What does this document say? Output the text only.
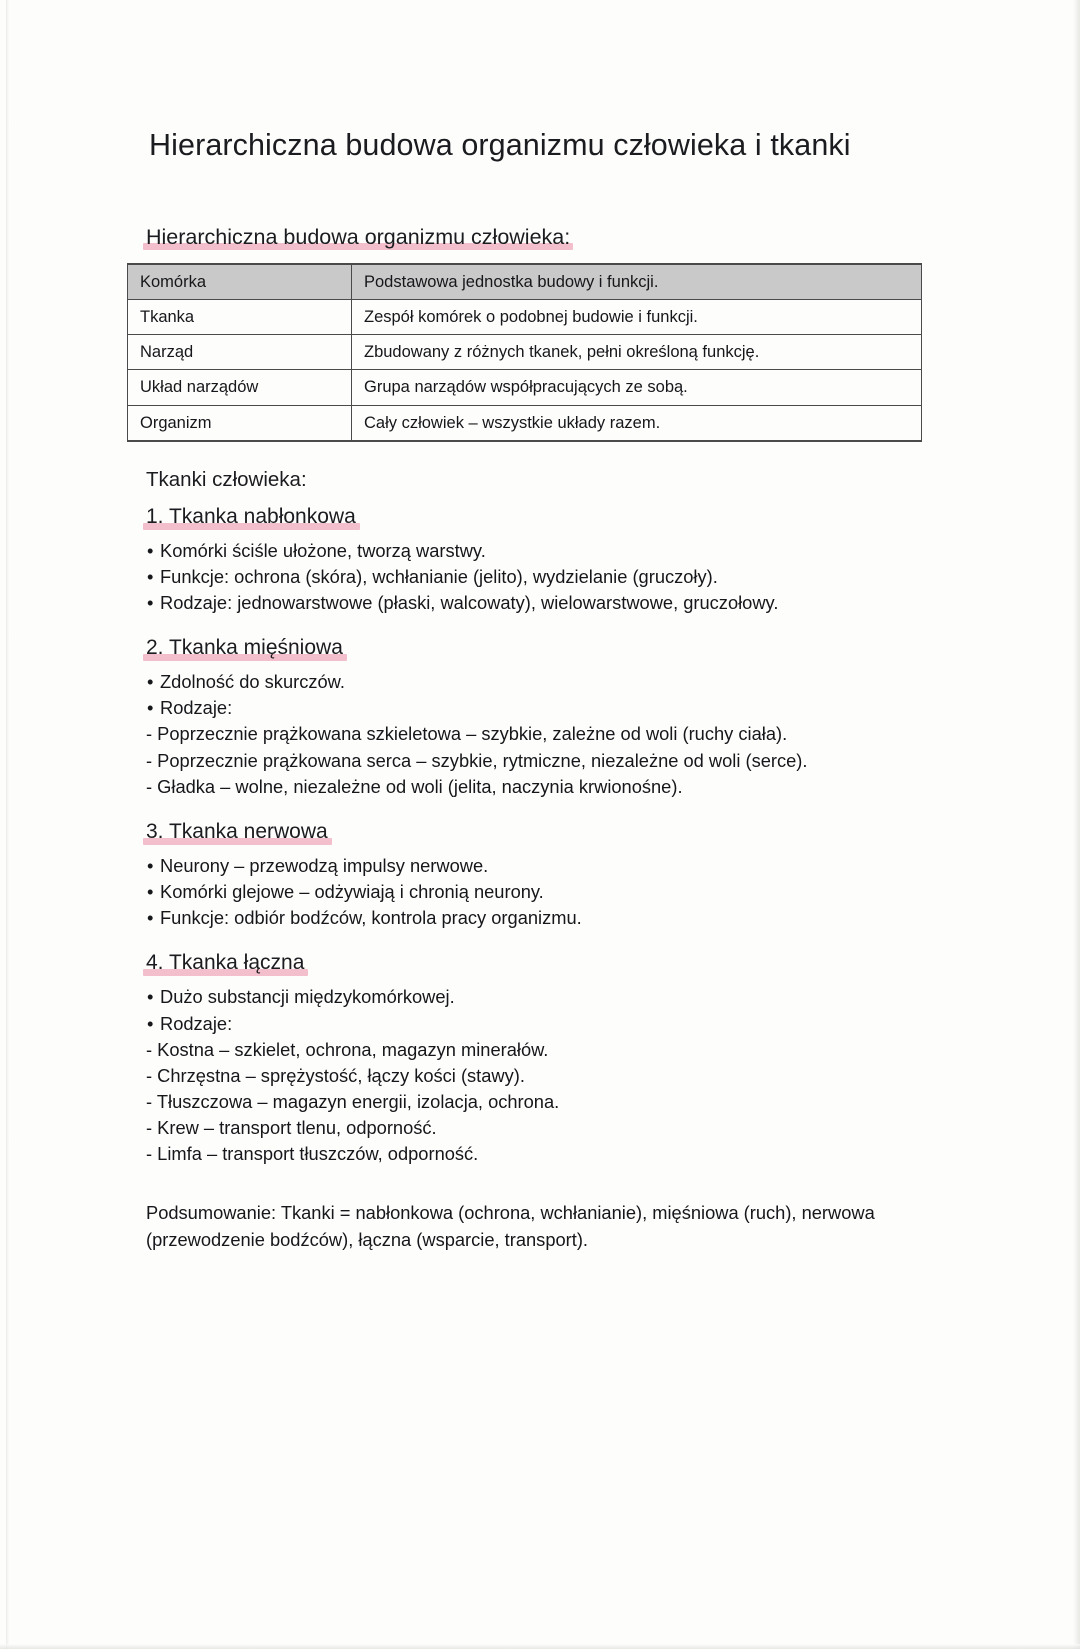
Hierarchiczna budowa organizmu człowieka i tkanki
Hierarchiczna budowa organizmu człowieka:
Komórka	Podstawowa jednostka budowy i funkcji.
Tkanka	Zespół komórek o podobnej budowie i funkcji.
Narząd	Zbudowany z różnych tkanek, pełni określoną funkcję.
Układ narządów	Grupa narządów współpracujących ze sobą.
Organizm	Cały człowiek – wszystkie układy razem.
Tkanki człowieka:
1. Tkanka nabłonkowa
• Komórki ściśle ułożone, tworzą warstwy.
• Funkcje: ochrona (skóra), wchłanianie (jelito), wydzielanie (gruczoły).
• Rodzaje: jednowarstwowe (płaski, walcowaty), wielowarstwowe, gruczołowy.
2. Tkanka mięśniowa
• Zdolność do skurczów.
• Rodzaje:
- Poprzecznie prążkowana szkieletowa – szybkie, zależne od woli (ruchy ciała).
- Poprzecznie prążkowana serca – szybkie, rytmiczne, niezależne od woli (serce).
- Gładka – wolne, niezależne od woli (jelita, naczynia krwionośne).
3. Tkanka nerwowa
• Neurony – przewodzą impulsy nerwowe.
• Komórki glejowe – odżywiają i chronią neurony.
• Funkcje: odbiór bodźców, kontrola pracy organizmu.
4. Tkanka łączna
• Dużo substancji międzykomórkowej.
• Rodzaje:
- Kostna – szkielet, ochrona, magazyn minerałów.
- Chrzęstna – sprężystość, łączy kości (stawy).
- Tłuszczowa – magazyn energii, izolacja, ochrona.
- Krew – transport tlenu, odporność.
- Limfa – transport tłuszczów, odporność.

Podsumowanie: Tkanki = nabłonkowa (ochrona, wchłanianie), mięśniowa (ruch), nerwowa (przewodzenie bodźców), łączna (wsparcie, transport).
